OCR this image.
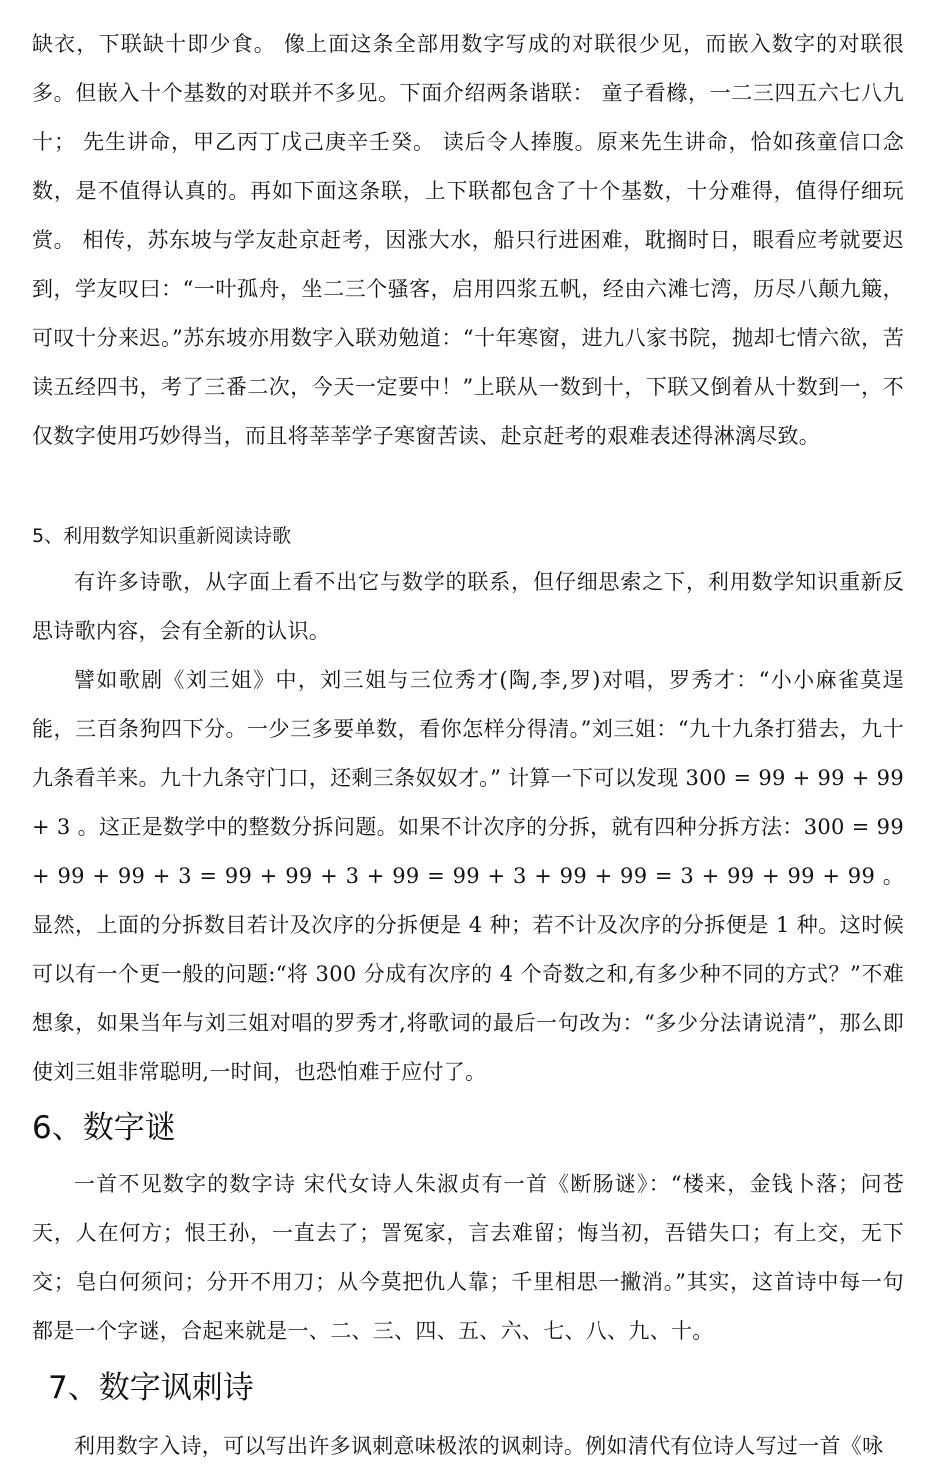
缺衣，下联缺十即少食。 像上面这条全部用数字写成的对联很少见，而嵌入数字的对联很多。但嵌入十个基数的对联并不多见。下面介绍两条谐联： 童子看橼，一二三四五六七八九十； 先生讲命，甲乙丙丁戊己庚辛壬癸。 读后令人捧腹。原来先生讲命，恰如孩童信口念数，是不值得认真的。再如下面这条联，上下联都包含了十个基数，十分难得，值得仔细玩赏。 相传，苏东坡与学友赴京赶考，因涨大水，船只行进困难，耽搁时日，眼看应考就要迟到，学友叹曰：“一叶孤舟，坐二三个骚客，启用四浆五帆，经由六滩七湾，历尽八颠九簸，可叹十分来迟。”苏东坡亦用数字入联劝勉道：“十年寒窗，进九八家书院，抛却七情六欲，苦读五经四书，考了三番二次，今天一定要中！”上联从一数到十，下联又倒着从十数到一，不仅数字使用巧妙得当，而且将莘莘学子寒窗苦读、赴京赶考的艰难表述得淋漓尽致。

5、利用数学知识重新阅读诗歌

有许多诗歌，从字面上看不出它与数学的联系，但仔细思索之下，利用数学知识重新反思诗歌内容，会有全新的认识。

譬如歌剧《刘三姐》中，刘三姐与三位秀才(陶,李,罗)对唱，罗秀才：“小小麻雀莫逞能，三百条狗四下分。一少三多要单数，看你怎样分得清。”刘三姐：“九十九条打猎去，九十九条看羊来。九十九条守门口，还剩三条奴奴才。” 计算一下可以发现 300 = 99 + 99 + 99 + 3 。这正是数学中的整数分拆问题。如果不计次序的分拆，就有四种分拆方法：300 = 99 + 99 + 99 + 3 = 99 + 99 + 3 + 99 = 99 + 3 + 99 + 99 = 3 + 99 + 99 + 99 。显然，上面的分拆数目若计及次序的分拆便是 4 种；若不计及次序的分拆便是 1 种。这时候可以有一个更一般的问题:“将 300 分成有次序的 4 个奇数之和,有多少种不同的方式？”不难想象，如果当年与刘三姐对唱的罗秀才,将歌词的最后一句改为：“多少分法请说清”，那么即使刘三姐非常聪明,一时间，也恐怕难于应付了。

6、数字谜

一首不见数字的数字诗 宋代女诗人朱淑贞有一首《断肠谜》：“楼来，金钱卜落；问苍天，人在何方；恨王孙，一直去了；詈冤家，言去难留；悔当初，吾错失口；有上交，无下交；皂白何须问；分开不用刀；从今莫把仇人靠；千里相思一撇消。”其实，这首诗中每一句都是一个字谜，合起来就是一、二、三、四、五、六、七、八、九、十。

7、数字讽刺诗

利用数字入诗，可以写出许多讽刺意味极浓的讽刺诗。例如清代有位诗人写过一首《咏
